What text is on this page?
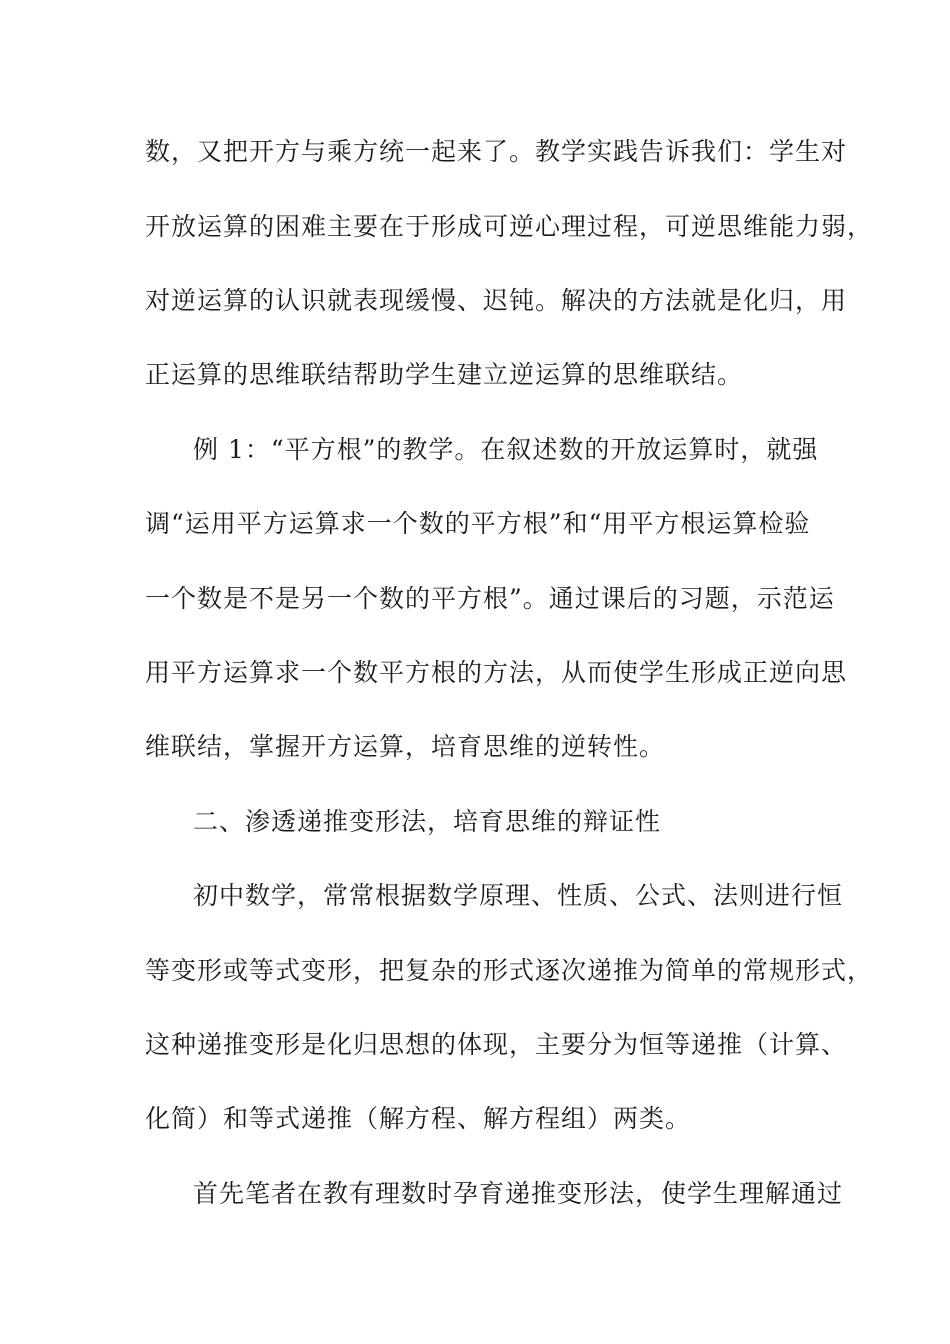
数，又把开方与乘方统一起来了。教学实践告诉我们：学生对
开放运算的困难主要在于形成可逆心理过程，可逆思维能力弱，
对逆运算的认识就表现缓慢、迟钝。解决的方法就是化归，用
正运算的思维联结帮助学生建立逆运算的思维联结。
例 1：“平方根”的教学。在叙述数的开放运算时，就强
调“运用平方运算求一个数的平方根”和“用平方根运算检验
一个数是不是另一个数的平方根”。通过课后的习题，示范运
用平方运算求一个数平方根的方法，从而使学生形成正逆向思
维联结，掌握开方运算，培育思维的逆转性。
二、渗透递推变形法，培育思维的辩证性
初中数学，常常根据数学原理、性质、公式、法则进行恒
等变形或等式变形，把复杂的形式逐次递推为简单的常规形式，
这种递推变形是化归思想的体现，主要分为恒等递推（计算、
化简）和等式递推（解方程、解方程组）两类。
首先笔者在教有理数时孕育递推变形法，使学生理解通过
